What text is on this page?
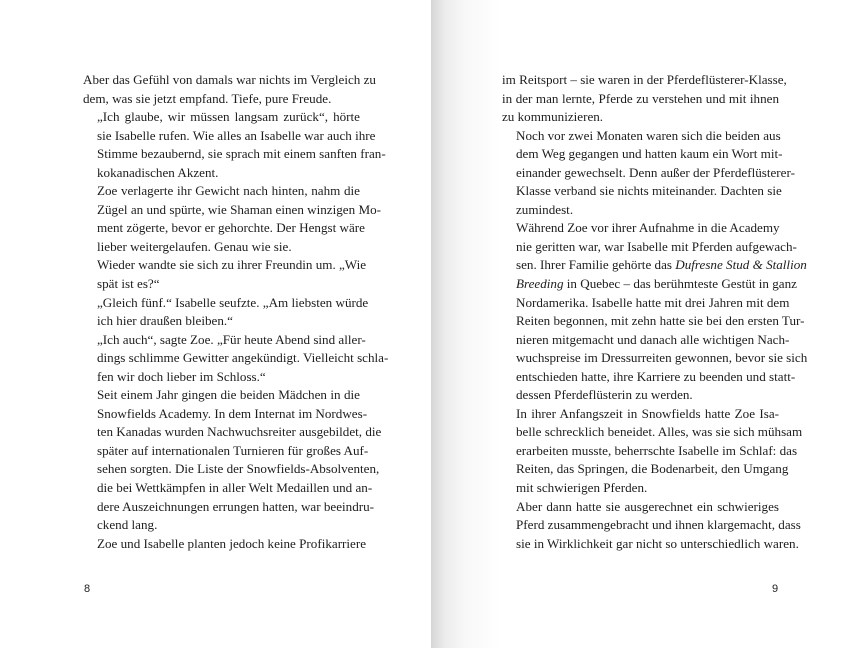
Aber das Gefühl von damals war nichts im Vergleich zu
dem, was sie jetzt empfand. Tiefe, pure Freude.

„Ich glaube, wir müssen langsam zurück“, hörte
sie Isabelle rufen. Wie alles an Isabelle war auch ihre
Stimme bezaubernd, sie sprach mit einem sanften fran-
kokanadischen Akzent.

Zoe verlagerte ihr Gewicht nach hinten, nahm die
Zügel an und spürte, wie Shaman einen winzigen Mo-
ment zögerte, bevor er gehorchte. Der Hengst wäre
lieber weitergelaufen. Genau wie sie.

Wieder wandte sie sich zu ihrer Freundin um. „Wie
spät ist es?“

„Gleich fünf.“ Isabelle seufzte. „Am liebsten würde
ich hier draußen bleiben.“

„Ich auch“, sagte Zoe. „Für heute Abend sind aller-
dings schlimme Gewitter angekündigt. Vielleicht schla-
fen wir doch lieber im Schloss.“

Seit einem Jahr gingen die beiden Mädchen in die
Snowfields Academy. In dem Internat im Nordwes-
ten Kanadas wurden Nachwuchsreiter ausgebildet, die
später auf internationalen Turnieren für großes Auf-
sehen sorgten. Die Liste der Snowfields-Absolventen,
die bei Wettkämpfen in aller Welt Medaillen und an-
dere Auszeichnungen errungen hatten, war beeindru-
ckend lang.

Zoe und Isabelle planten jedoch keine Profikarriere

8	9

im Reitsport – sie waren in der Pferdeflüsterer-Klasse,
in der man lernte, Pferde zu verstehen und mit ihnen
zu kommunizieren.

Noch vor zwei Monaten waren sich die beiden aus
dem Weg gegangen und hatten kaum ein Wort mit-
einander gewechselt. Denn außer der Pferdeflüsterer-
Klasse verband sie nichts miteinander. Dachten sie
zumindest.

Während Zoe vor ihrer Aufnahme in die Academy
nie geritten war, war Isabelle mit Pferden aufgewach-
sen. Ihrer Familie gehörte das Dufresne Stud & Stallion
Breeding in Quebec – das berühmteste Gestüt in ganz
Nordamerika. Isabelle hatte mit drei Jahren mit dem
Reiten begonnen, mit zehn hatte sie bei den ersten Tur-
nieren mitgemacht und danach alle wichtigen Nach-
wuchspreise im Dressurreiten gewonnen, bevor sie sich
entschieden hatte, ihre Karriere zu beenden und statt-
dessen Pferdeflüsterin zu werden.

In ihrer Anfangszeit in Snowfields hatte Zoe Isa-
belle schrecklich beneidet. Alles, was sie sich mühsam
erarbeiten musste, beherrschte Isabelle im Schlaf: das
Reiten, das Springen, die Bodenarbeit, den Umgang
mit schwierigen Pferden.

Aber dann hatte sie ausgerechnet ein schwieriges
Pferd zusammengebracht und ihnen klargemacht, dass
sie in Wirklichkeit gar nicht so unterschiedlich waren.
